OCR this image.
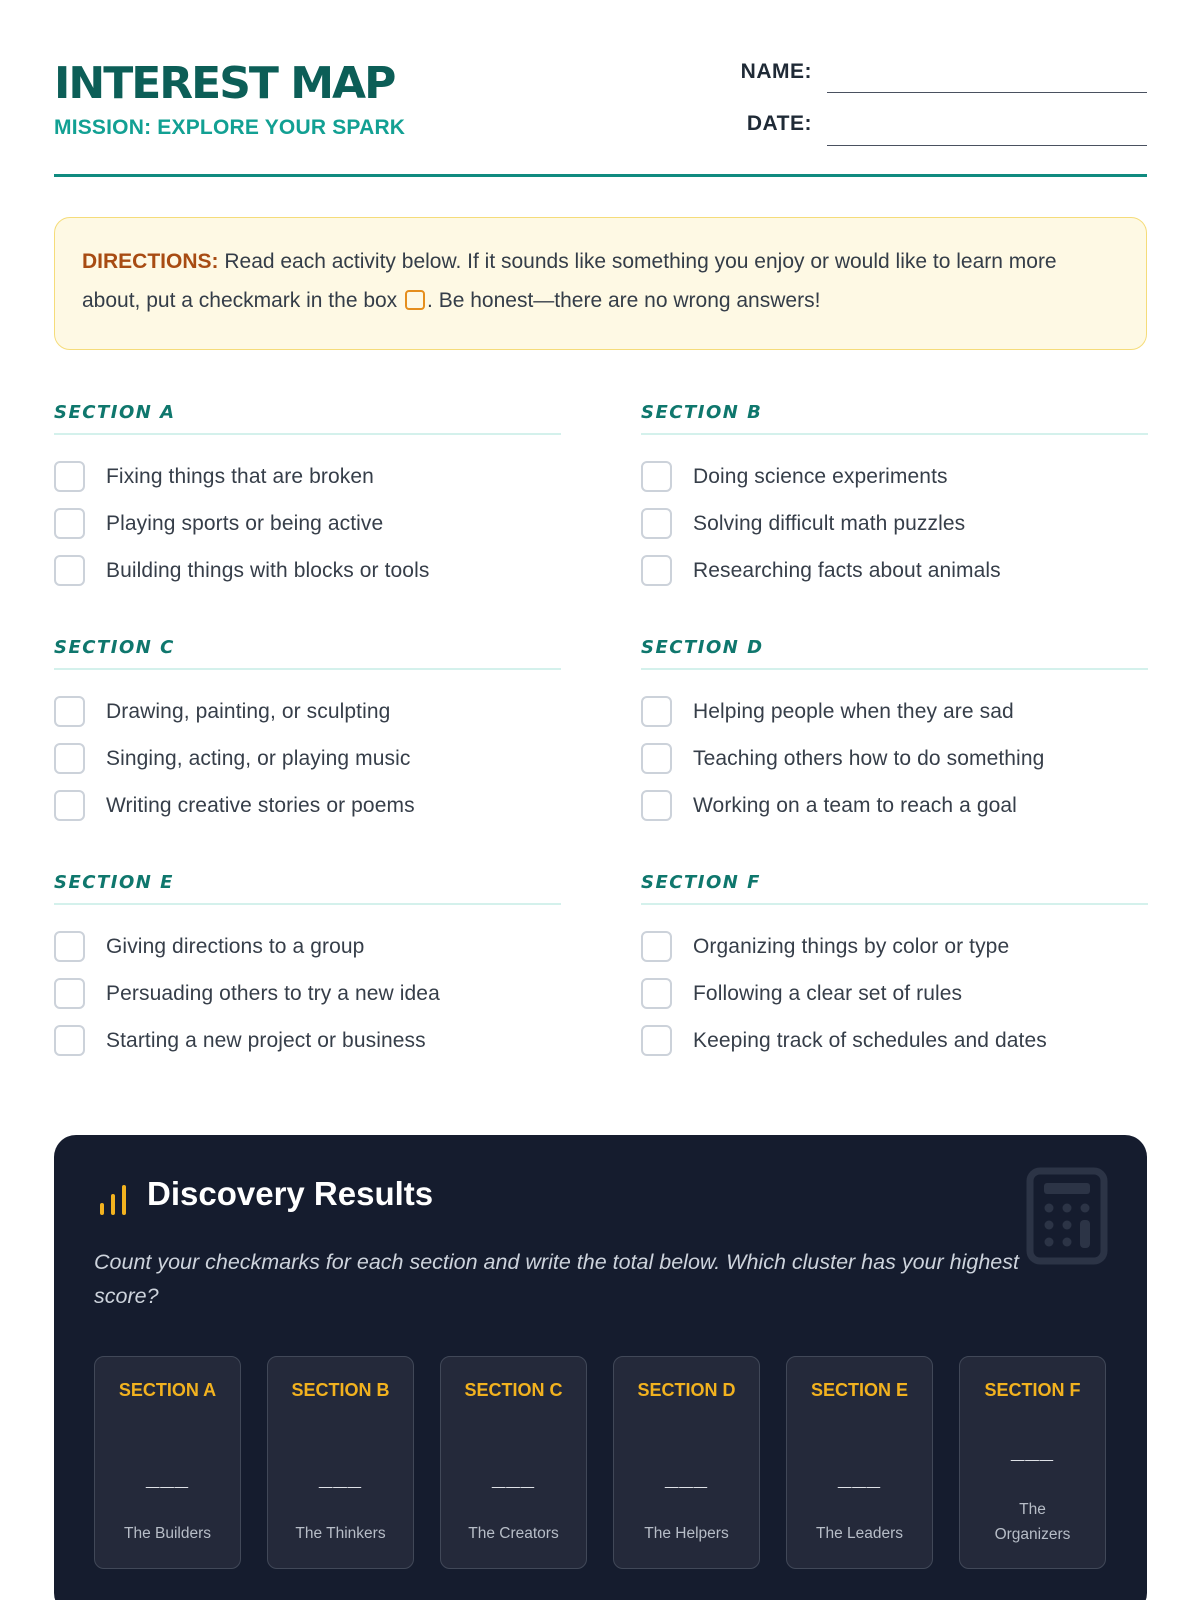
INTEREST MAP
MISSION: EXPLORE YOUR SPARK
NAME:
DATE:
DIRECTIONS: Read each activity below. If it sounds like something you enjoy or would like to learn more about, put a checkmark in the box . Be honest—there are no wrong answers!
SECTION A
Fixing things that are broken
Playing sports or being active
Building things with blocks or tools
SECTION B
Doing science experiments
Solving difficult math puzzles
Researching facts about animals
SECTION C
Drawing, painting, or sculpting
Singing, acting, or playing music
Writing creative stories or poems
SECTION D
Helping people when they are sad
Teaching others how to do something
Working on a team to reach a goal
SECTION E
Giving directions to a group
Persuading others to try a new idea
Starting a new project or business
SECTION F
Organizing things by color or type
Following a clear set of rules
Keeping track of schedules and dates
Discovery Results
Count your checkmarks for each section and write the total below. Which cluster has your highest score?
SECTION A
___
The Builders
SECTION B
___
The Thinkers
SECTION C
___
The Creators
SECTION D
___
The Helpers
SECTION E
___
The Leaders
SECTION F
___
The Organizers
